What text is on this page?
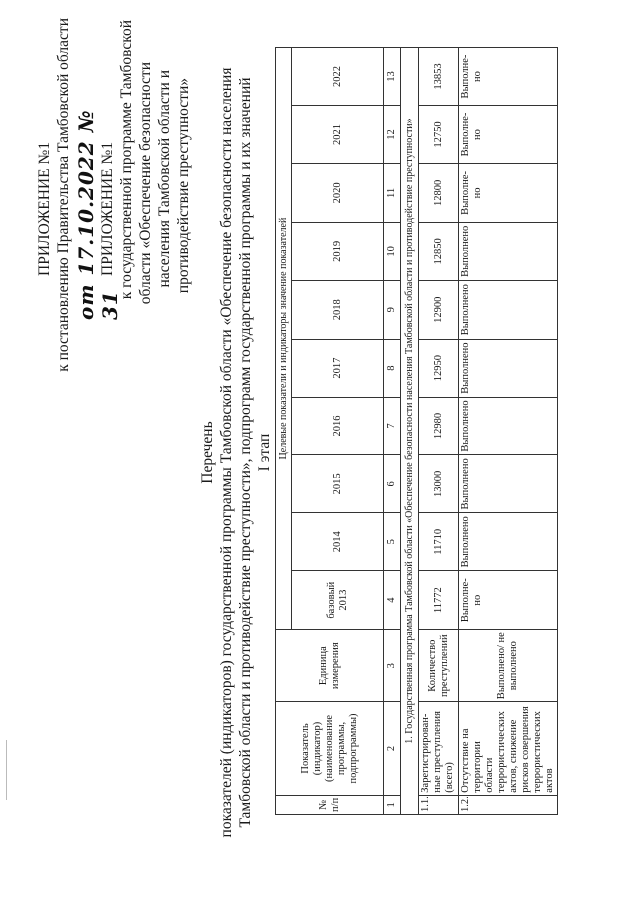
ПРИЛОЖЕНИЕ №1 к постановлению Правительства Тамбовской области от 17.10.2022 № 31
ПРИЛОЖЕНИЕ №1 к государственной программе Тамбовской области «Обеспечение безопасности населения Тамбовской области и противодействие преступности»
Перечень показателей (индикаторов) государственной программы Тамбовской области «Обеспечение безопасности населения Тамбовской области и противодействие преступности», подпрограмм государственной программы и их значений I этап
№ п/п	Показатель (индикатор) (наименование программы, подпрограммы)	Единица измерения	Целевые показатели и индикаторы значение показателей									
			базовый 2013	2014	2015	2016	2017	2018	2019	2020	2021	2022
1	2	3	4	5	6	7	8	9	10	11	12	13
1. Государственная программа Тамбовской области «Обеспечение безопасности населения Тамбовской области и противодействие преступности»												
1.1.	Зарегистрирован-ные преступления (всего)	Количество преступлений	11772	11710	13000	12980	12950	12900	12850	12800	12750	13853
1.2.	Отсутствие на территории области террористических актов, снижение рисков совершения террористических актов	Выполнено/ не выполнено	Выполне-но	Выполнено	Выполнено	Выполнено	Выполнено	Выполнено	Выполнено	Выполне-но	Выполне-но	Выполне-но
